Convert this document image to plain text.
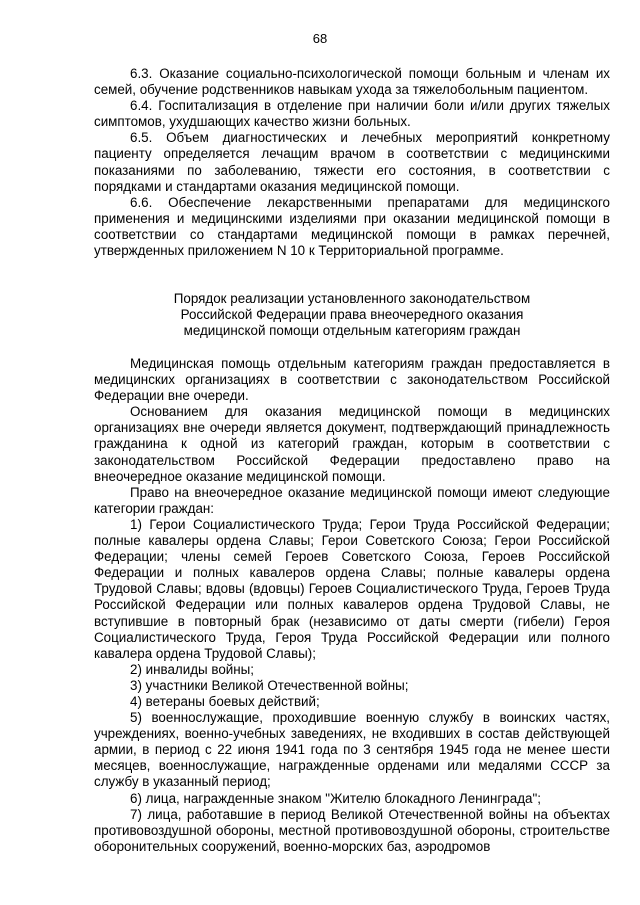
68

6.3. Оказание социально-психологической помощи больным и членам их семей, обучение родственников навыкам ухода за тяжелобольным пациентом.

6.4. Госпитализация в отделение при наличии боли и/или других тяжелых симптомов, ухудшающих качество жизни больных.

6.5. Объем диагностических и лечебных мероприятий конкретному пациенту определяется лечащим врачом в соответствии с медицинскими показаниями по заболеванию, тяжести его состояния, в соответствии с порядками и стандартами оказания медицинской помощи.

6.6. Обеспечение лекарственными препаратами для медицинского применения и медицинскими изделиями при оказании медицинской помощи в соответствии со стандартами медицинской помощи в рамках перечней, утвержденных приложением N 10 к Территориальной программе.

Порядок реализации установленного законодательством
Российской Федерации права внеочередного оказания
медицинской помощи отдельным категориям граждан

Медицинская помощь отдельным категориям граждан предоставляется в медицинских организациях в соответствии с законодательством Российской Федерации вне очереди.

Основанием для оказания медицинской помощи в медицинских организациях вне очереди является документ, подтверждающий принадлежность гражданина к одной из категорий граждан, которым в соответствии с законодательством Российской Федерации предоставлено право на внеочередное оказание медицинской помощи.

Право на внеочередное оказание медицинской помощи имеют следующие категории граждан:

1) Герои Социалистического Труда; Герои Труда Российской Федерации; полные кавалеры ордена Славы; Герои Советского Союза; Герои Российской Федерации; члены семей Героев Советского Союза, Героев Российской Федерации и полных кавалеров ордена Славы; полные кавалеры ордена Трудовой Славы; вдовы (вдовцы) Героев Социалистического Труда, Героев Труда Российской Федерации или полных кавалеров ордена Трудовой Славы, не вступившие в повторный брак (независимо от даты смерти (гибели) Героя Социалистического Труда, Героя Труда Российской Федерации или полного кавалера ордена Трудовой Славы);

2) инвалиды войны;

3) участники Великой Отечественной войны;

4) ветераны боевых действий;

5) военнослужащие, проходившие военную службу в воинских частях, учреждениях, военно-учебных заведениях, не входивших в состав действующей армии, в период с 22 июня 1941 года по 3 сентября 1945 года не менее шести месяцев, военнослужащие, награжденные орденами или медалями СССР за службу в указанный период;

6) лица, награжденные знаком "Жителю блокадного Ленинграда";

7) лица, работавшие в период Великой Отечественной войны на объектах противовоздушной обороны, местной противовоздушной обороны, строительстве оборонительных сооружений, военно-морских баз, аэродромов
